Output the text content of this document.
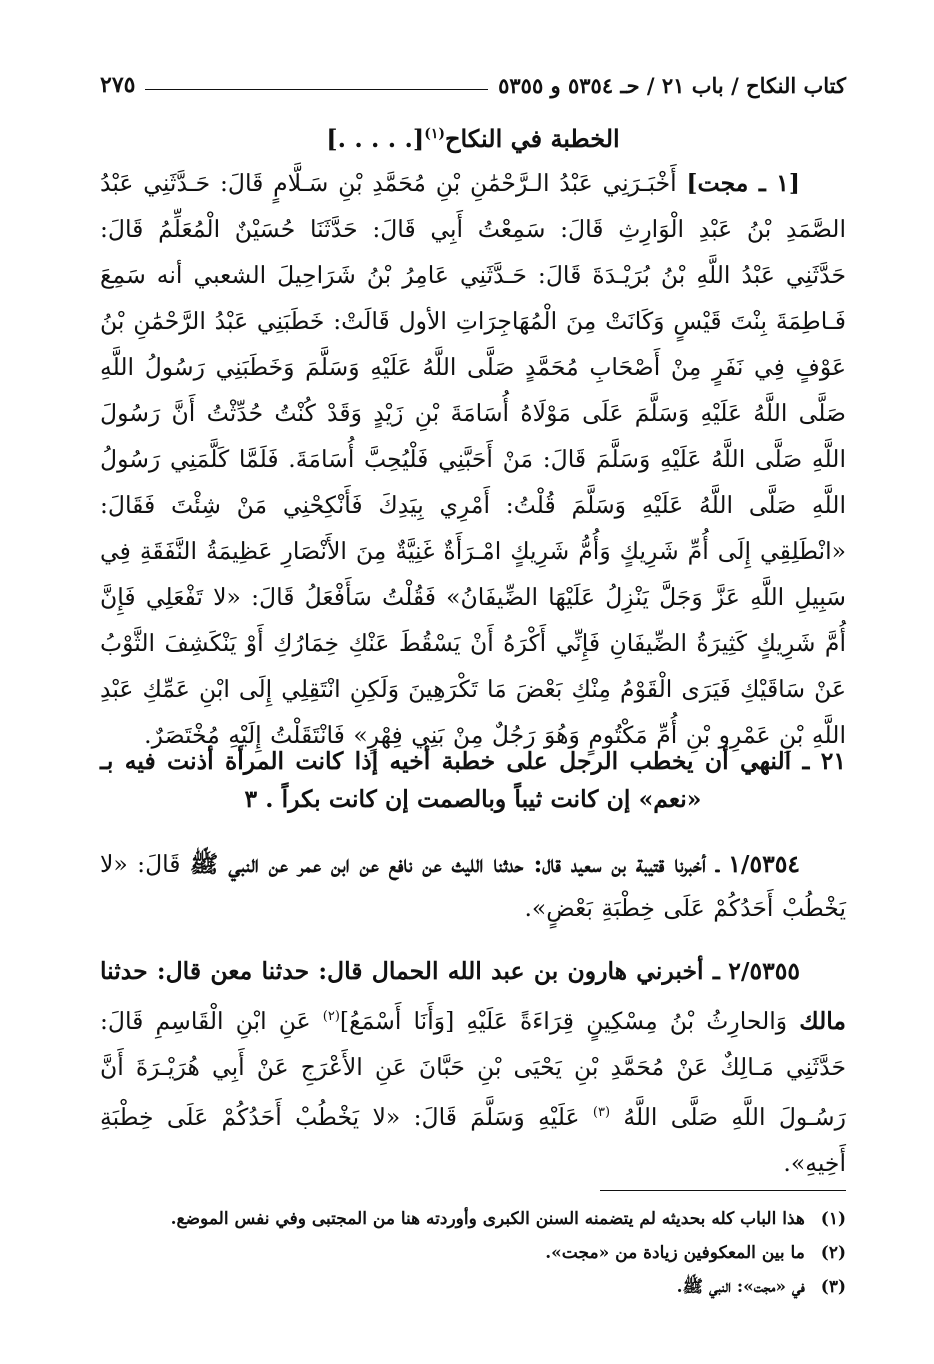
كتاب النكاح / باب ٢١ / حـ ٥٣٥٤ و ٥٣٥٥
٢٧٥
الخطبة في النكاح$^{(١)}$[. . . . .]

[١ ـ مجت] أَخْبَـرَنِي عَبْدُ الـرَّحْمَٰنِ بْنِ مُحَمَّدِ بْنِ سَـلَّامٍ قَالَ: حَـدَّثَنِي عَبْدُ الصَّمَدِ بْنُ عَبْدِ الْوَارِثِ قَالَ: سَمِعْتُ أَبِي قَالَ: حَدَّثَنَا حُسَيْنٌ الْمُعَلِّمُ قَالَ: حَدَّثَنِي عَبْدُ اللَّهِ بْنُ بُرَيْـدَةَ قَالَ: حَـدَّثَنِي عَامِرُ بْنُ شَرَاحِيلَ الشعبي أنه سَمِعَ فَـاطِمَةَ بِنْتَ قَيْسٍ وَكَانَتْ مِنَ الْمُهَاجِرَاتِ الأول قَالَتْ: خَطَبَنِي عَبْدُ الرَّحْمَٰنِ بْنُ عَوْفٍ فِي نَفَرٍ مِنْ أَصْحَابِ مُحَمَّدٍ صَلَّى اللَّهُ عَلَيْهِ وَسَلَّمَ وَخَطَبَنِي رَسُولُ اللَّهِ صَلَّى اللَّهُ عَلَيْهِ وَسَلَّمَ عَلَى مَوْلَاهُ أُسَامَةَ بْنِ زَيْدٍ وَقَدْ كُنْتُ حُدِّثْتُ أَنَّ رَسُولَ اللَّهِ صَلَّى اللَّهُ عَلَيْهِ وَسَلَّمَ قَالَ: مَنْ أَحَبَّنِي فَلْيُحِبَّ أُسَامَةَ. فَلَمَّا كَلَّمَنِي رَسُولُ اللَّهِ صَلَّى اللَّهُ عَلَيْهِ وَسَلَّمَ قُلْتُ: أَمْرِي بِيَدِكَ فَأَنْكِحْنِي مَنْ شِئْتَ فَقَالَ: «انْطَلِقِي إِلَى أُمِّ شَرِيكٍ وَأُمُّ شَرِيكٍ امْـرَأَةٌ غَنِيَّةٌ مِنَ الأَنْصَارِ عَظِيمَةُ النَّفَقَةِ فِي سَبِيلِ اللَّهِ عَزَّ وَجَلَّ يَنْزِلُ عَلَيْهَا الضِّيفَانُ» فَقُلْتُ سَأَفْعَلُ قَالَ: «لا تَفْعَلِي فَإِنَّ أُمَّ شَرِيكٍ كَثِيرَةُ الضِّيفَانِ فَإِنِّي أَكْرَهُ أَنْ يَسْقُطَ عَنْكِ خِمَارُكِ أَوْ يَنْكَشِفَ الثَّوْبُ عَنْ سَاقَيْكِ فَيَرَى الْقَوْمُ مِنْكِ بَعْضَ مَا تَكْرَهِينَ وَلَكِنِ انْتَقِلِي إِلَى ابْنِ عَمِّكِ عَبْدِ اللَّهِ بْنِ عَمْرِو بْنِ أُمِّ مَكْتُومٍ وَهُوَ رَجُلٌ مِنْ بَنِي فِهْرٍ» فَانْتَقَلْتُ إِلَيْهِ مُخْتَصَرٌ.

٢١ ـ النهي أن يخطب الرجل على خطبة أخيه إذا كانت المرأة أذنت فيه بـ «نعم» إن كانت ثيباً وبالصمت إن كانت بكراً . ٣

١/٥٣٥٤ ـ أخبرنا قتيبة بن سعيد قال: حدثنا الليث عن نافع عن ابن عمر عن النبي ﷺ قَالَ: «لا يَخْطُبْ أَحَدُكُمْ عَلَى خِطْبَةِ بَعْضٍ».

٢/٥٣٥٥ ـ أخبرني هارون بن عبد الله الحمال قال: حدثنا معن قال: حدثنا مالك وَالحارِثُ بْنُ مِسْكِينٍ قِرَاءَةً عَلَيْهِ [وَأَنَا أَسْمَعُ]$^{(٢)}$ عَنِ ابْنِ الْقَاسِمِ قَالَ: حَدَّثَنِي مَـالِكٌ عَنْ مُحَمَّدِ بْنِ يَحْيَى بْنِ حَبَّانَ عَنِ الأَعْرَجِ عَنْ أَبِي هُرَيْـرَةَ أَنَّ رَسُـولَ اللَّهِ صَلَّى اللَّهُ $^{(٣)}$ عَلَيْهِ وَسَلَّمَ قَالَ: «لا يَخْطُبْ أَحَدُكُمْ عَلَى خِطْبَةِ أَخِيهِ».

(١) هذا الباب كله بحديثه لم يتضمنه السنن الكبرى وأوردته هنا من المجتبى وفي نفس الموضع.
(٢) ما بين المعكوفين زيادة من «مجت».
(٣) في «مجت»: النبي ﷺ.
